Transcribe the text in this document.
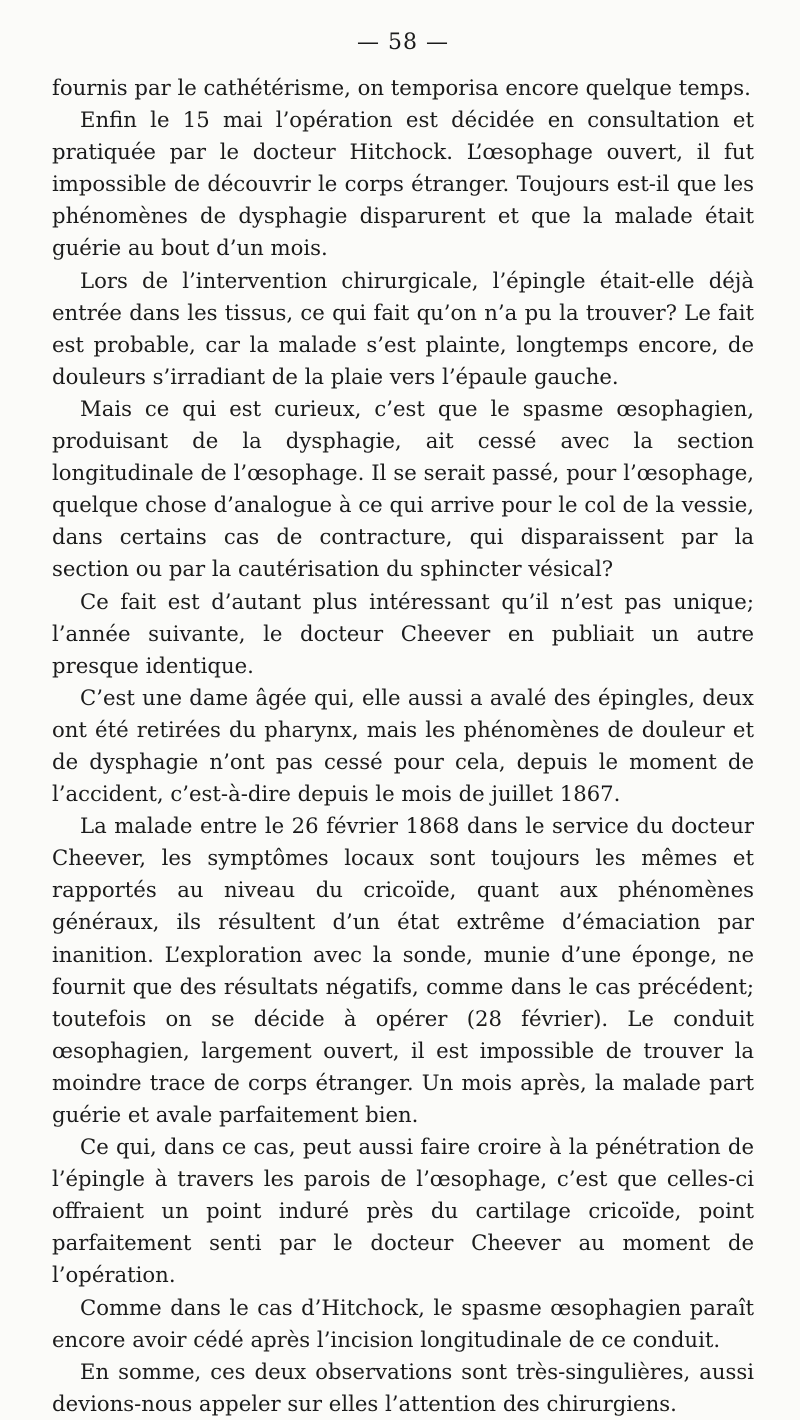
— 58 —

fournis par le cathétérisme, on temporisa encore quelque temps.

Enfin le 15 mai l’opération est décidée en consultation et pratiquée par le docteur Hitchock. L’œsophage ouvert, il fut impossible de découvrir le corps étranger. Toujours est-il que les phénomènes de dysphagie disparurent et que la malade était guérie au bout d’un mois.

Lors de l’intervention chirurgicale, l’épingle était-elle déjà entrée dans les tissus, ce qui fait qu’on n’a pu la trouver? Le fait est probable, car la malade s’est plainte, longtemps encore, de douleurs s’irradiant de la plaie vers l’épaule gauche.

Mais ce qui est curieux, c’est que le spasme œsophagien, produisant de la dysphagie, ait cessé avec la section longitudinale de l’œsophage. Il se serait passé, pour l’œsophage, quelque chose d’analogue à ce qui arrive pour le col de la vessie, dans certains cas de contracture, qui disparaissent par la section ou par la cautérisation du sphincter vésical?

Ce fait est d’autant plus intéressant qu’il n’est pas unique; l’année suivante, le docteur Cheever en publiait un autre presque identique.

C’est une dame âgée qui, elle aussi a avalé des épingles, deux ont été retirées du pharynx, mais les phénomènes de douleur et de dysphagie n’ont pas cessé pour cela, depuis le moment de l’accident, c’est-à-dire depuis le mois de juillet 1867.

La malade entre le 26 février 1868 dans le service du docteur Cheever, les symptômes locaux sont toujours les mêmes et rapportés au niveau du cricoïde, quant aux phénomènes généraux, ils résultent d’un état extrême d’émaciation par inanition. L’exploration avec la sonde, munie d’une éponge, ne fournit que des résultats négatifs, comme dans le cas précédent; toutefois on se décide à opérer (28 février). Le conduit œsophagien, largement ouvert, il est impossible de trouver la moindre trace de corps étranger. Un mois après, la malade part guérie et avale parfaitement bien.

Ce qui, dans ce cas, peut aussi faire croire à la pénétration de l’épingle à travers les parois de l’œsophage, c’est que celles-ci offraient un point induré près du cartilage cricoïde, point parfaitement senti par le docteur Cheever au moment de l’opération.

Comme dans le cas d’Hitchock, le spasme œsophagien paraît encore avoir cédé après l’incision longitudinale de ce conduit.

En somme, ces deux observations sont très-singulières, aussi devions-nous appeler sur elles l’attention des chirurgiens.
